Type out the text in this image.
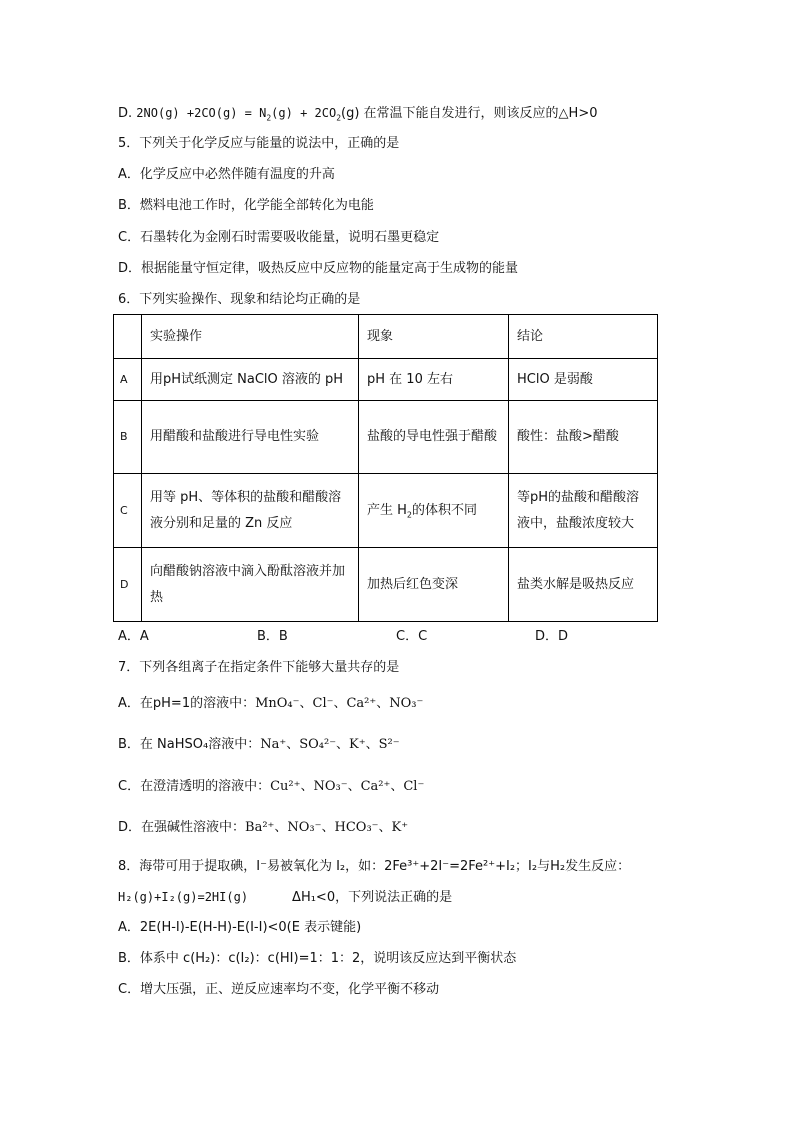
D. $2NO(g) +2CO(g) = N_2(g) + 2CO_2(g)$ 在常温下能自发进行，则该反应的△H>0
5．下列关于化学反应与能量的说法中，正确的是
A．化学反应中必然伴随有温度的升高
B．燃料电池工作时，化学能全部转化为电能
C．石墨转化为金刚石时需要吸收能量，说明石墨更稳定
D．根据能量守恒定律，吸热反应中反应物的能量定高于生成物的能量
6．下列实验操作、现象和结论均正确的是
	实验操作	现象	结论
A	用pH试纸测定 NaClO 溶液的 pH	pH 在 10 左右	HClO 是弱酸
B	用醋酸和盐酸进行导电性实验	盐酸的导电性强于醋酸	酸性：盐酸>醋酸
C	用等 pH、等体积的盐酸和醋酸溶液分别和足量的 Zn 反应	产生 $H_2$的体积不同	等pH的盐酸和醋酸溶液中，盐酸浓度较大
D	向醋酸钠溶液中滴入酚酞溶液并加热	加热后红色变深	盐类水解是吸热反应
A．A	B．B	C．C	D．D
7．下列各组离子在指定条件下能够大量共存的是
A．在pH=1的溶液中：MnO₄⁻、Cl⁻、Ca²⁺、NO₃⁻
B．在 NaHSO₄溶液中：Na⁺、SO₄²⁻、K⁺、S²⁻
C．在澄清透明的溶液中：Cu²⁺、NO₃⁻、Ca²⁺、Cl⁻
D．在强碱性溶液中：Ba²⁺、NO₃⁻、HCO₃⁻、K⁺
8．海带可用于提取碘，I⁻易被氧化为 I₂，如：2Fe³⁺+2I⁻=2Fe²⁺+I₂；I₂与H₂发生反应：
H₂(g)+I₂(g)=2HI(g)	ΔH₁<0，下列说法正确的是
A．2E(H-I)-E(H-H)-E(I-I)<0(E 表示键能)
B．体系中 c(H₂)：c(I₂)：c(HI)=1：1：2，说明该反应达到平衡状态
C．增大压强，正、逆反应速率均不变，化学平衡不移动
